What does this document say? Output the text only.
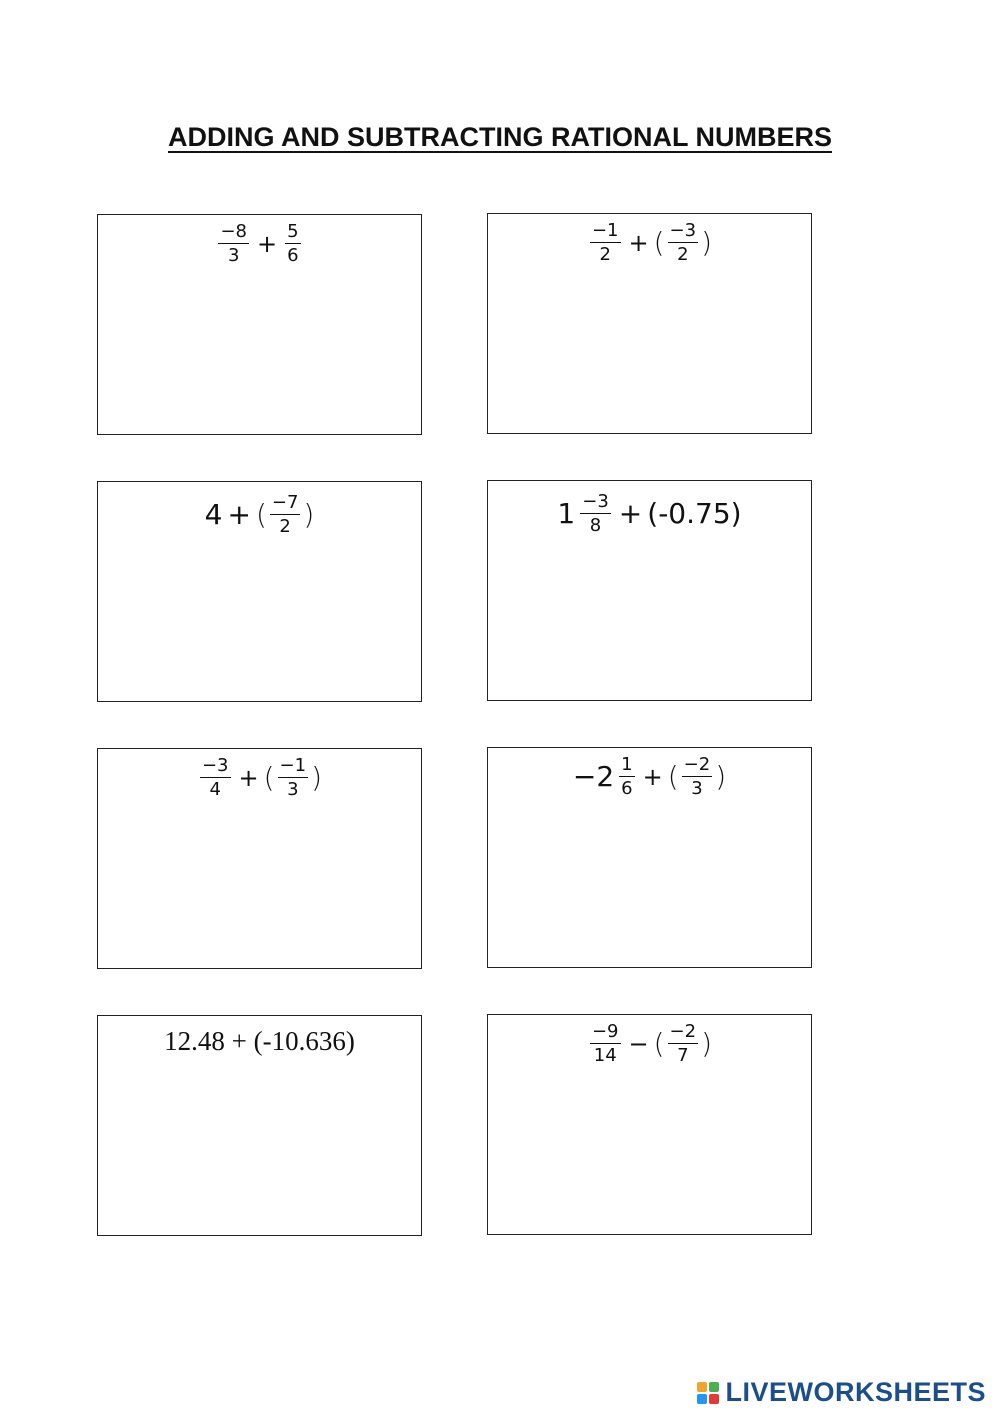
ADDING AND SUBTRACTING RATIONAL NUMBERS
$\frac{-8}{3} + \frac{5}{6}$	$\frac{-1}{2}$ + ( $\frac{-3}{2}$ )
4 + ( $\frac{-7}{2}$ )	$1 \frac{-3}{8} + (-0.75)$
$\frac{-3}{4}$ + ( $\frac{-1}{3}$ )	$-2 \frac{1}{6}$ + ( $\frac{-2}{3}$ )
12.48 + (-10.636)	$\frac{-9}{14}$ − ( $\frac{-2}{7}$ )
LIVEWORKSHEETS
